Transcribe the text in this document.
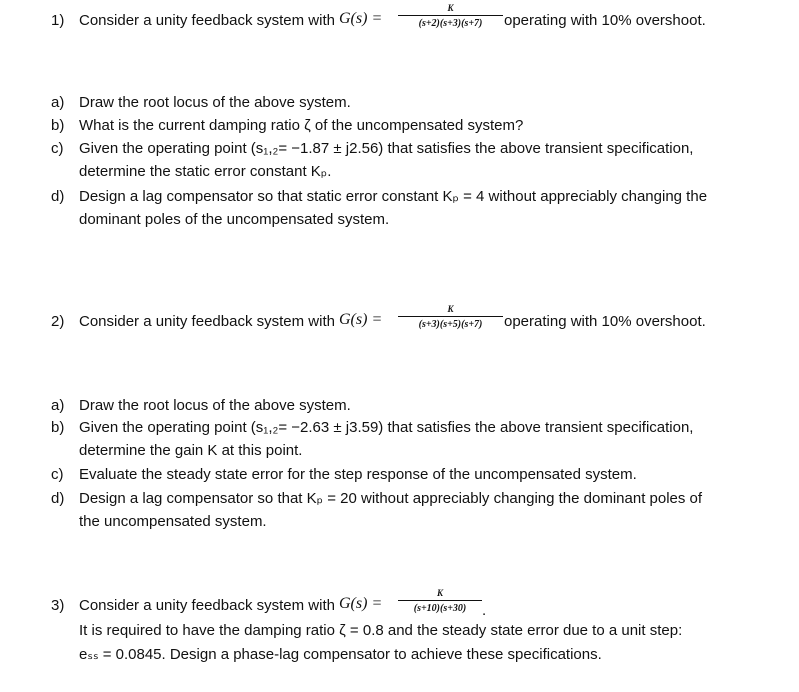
1) Consider a unity feedback system with G(s) =
K
(s+2)(s+3)(s+7)	operating with 10% overshoot.
a) Draw the root locus of the above system.
b) What is the current damping ratio ζ of the uncompensated system?
c) Given the operating point (s₁,₂= −1.87 ± j2.56) that satisfies the above transient specification,
determine the static error constant Kₚ.
d) Design a lag compensator so that static error constant Kₚ = 4 without appreciably changing the
dominant poles of the uncompensated system.
2) Consider a unity feedback system with G(s) =
K
(s+3)(s+5)(s+7)	operating with 10% overshoot.
a) Draw the root locus of the above system.
b) Given the operating point (s₁,₂= −2.63 ± j3.59) that satisfies the above transient specification,
determine the gain K at this point.
c) Evaluate the steady state error for the step response of the uncompensated system.
d) Design a lag compensator so that Kₚ = 20 without appreciably changing the dominant poles of
the uncompensated system.
3) Consider a unity feedback system with G(s) =
K
(s+10)(s+30)	.
It is required to have the damping ratio ζ = 0.8 and the steady state error due to a unit step:
eₛₛ = 0.0845. Design a phase-lag compensator to achieve these specifications.
